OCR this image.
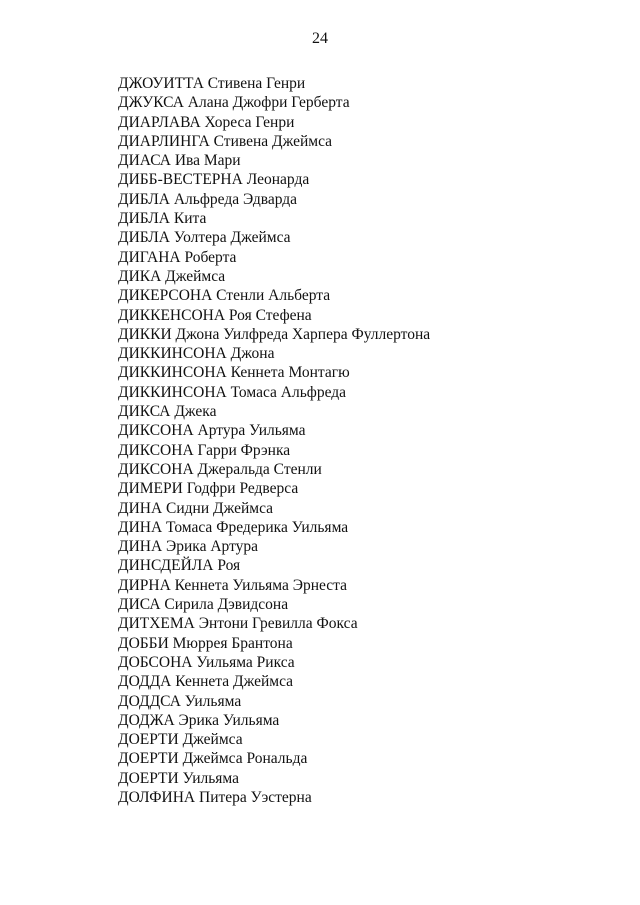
24
ДЖОУИТТА Стивена Генри
ДЖУКСА Алана Джофри Герберта
ДИАРЛАВА Хореса Генри
ДИАРЛИНГА Стивена Джеймса
ДИАСА Ива Мари
ДИББ-ВЕСТЕРНА Леонарда
ДИБЛА Альфреда Эдварда
ДИБЛА Кита
ДИБЛА Уолтера Джеймса
ДИГАНА Роберта
ДИКА Джеймса
ДИКЕРСОНА Стенли Альберта
ДИККЕНСОНА Роя Стефена
ДИККИ Джона Уилфреда Харпера Фуллертона
ДИККИНСОНА Джона
ДИККИНСОНА Кеннета Монтагю
ДИККИНСОНА Томаса Альфреда
ДИКСА Джека
ДИКСОНА Артура Уильяма
ДИКСОНА Гарри Фрэнка
ДИКСОНА Джеральда Стенли
ДИМЕРИ Годфри Редверса
ДИНА Сидни Джеймса
ДИНА Томаса Фредерика Уильяма
ДИНА Эрика Артура
ДИНСДЕЙЛА Роя
ДИРНА Кеннета Уильяма Эрнеста
ДИСА Сирила Дэвидсона
ДИТХЕМА Энтони Гревилла Фокса
ДОББИ Мюррея Брантона
ДОБСОНА Уильяма Рикса
ДОДДА Кеннета Джеймса
ДОДДСА Уильяма
ДОДЖА Эрика Уильяма
ДОЕРТИ Джеймса
ДОЕРТИ Джеймса Рональда
ДОЕРТИ Уильяма
ДОЛФИНА Питера Уэстерна
